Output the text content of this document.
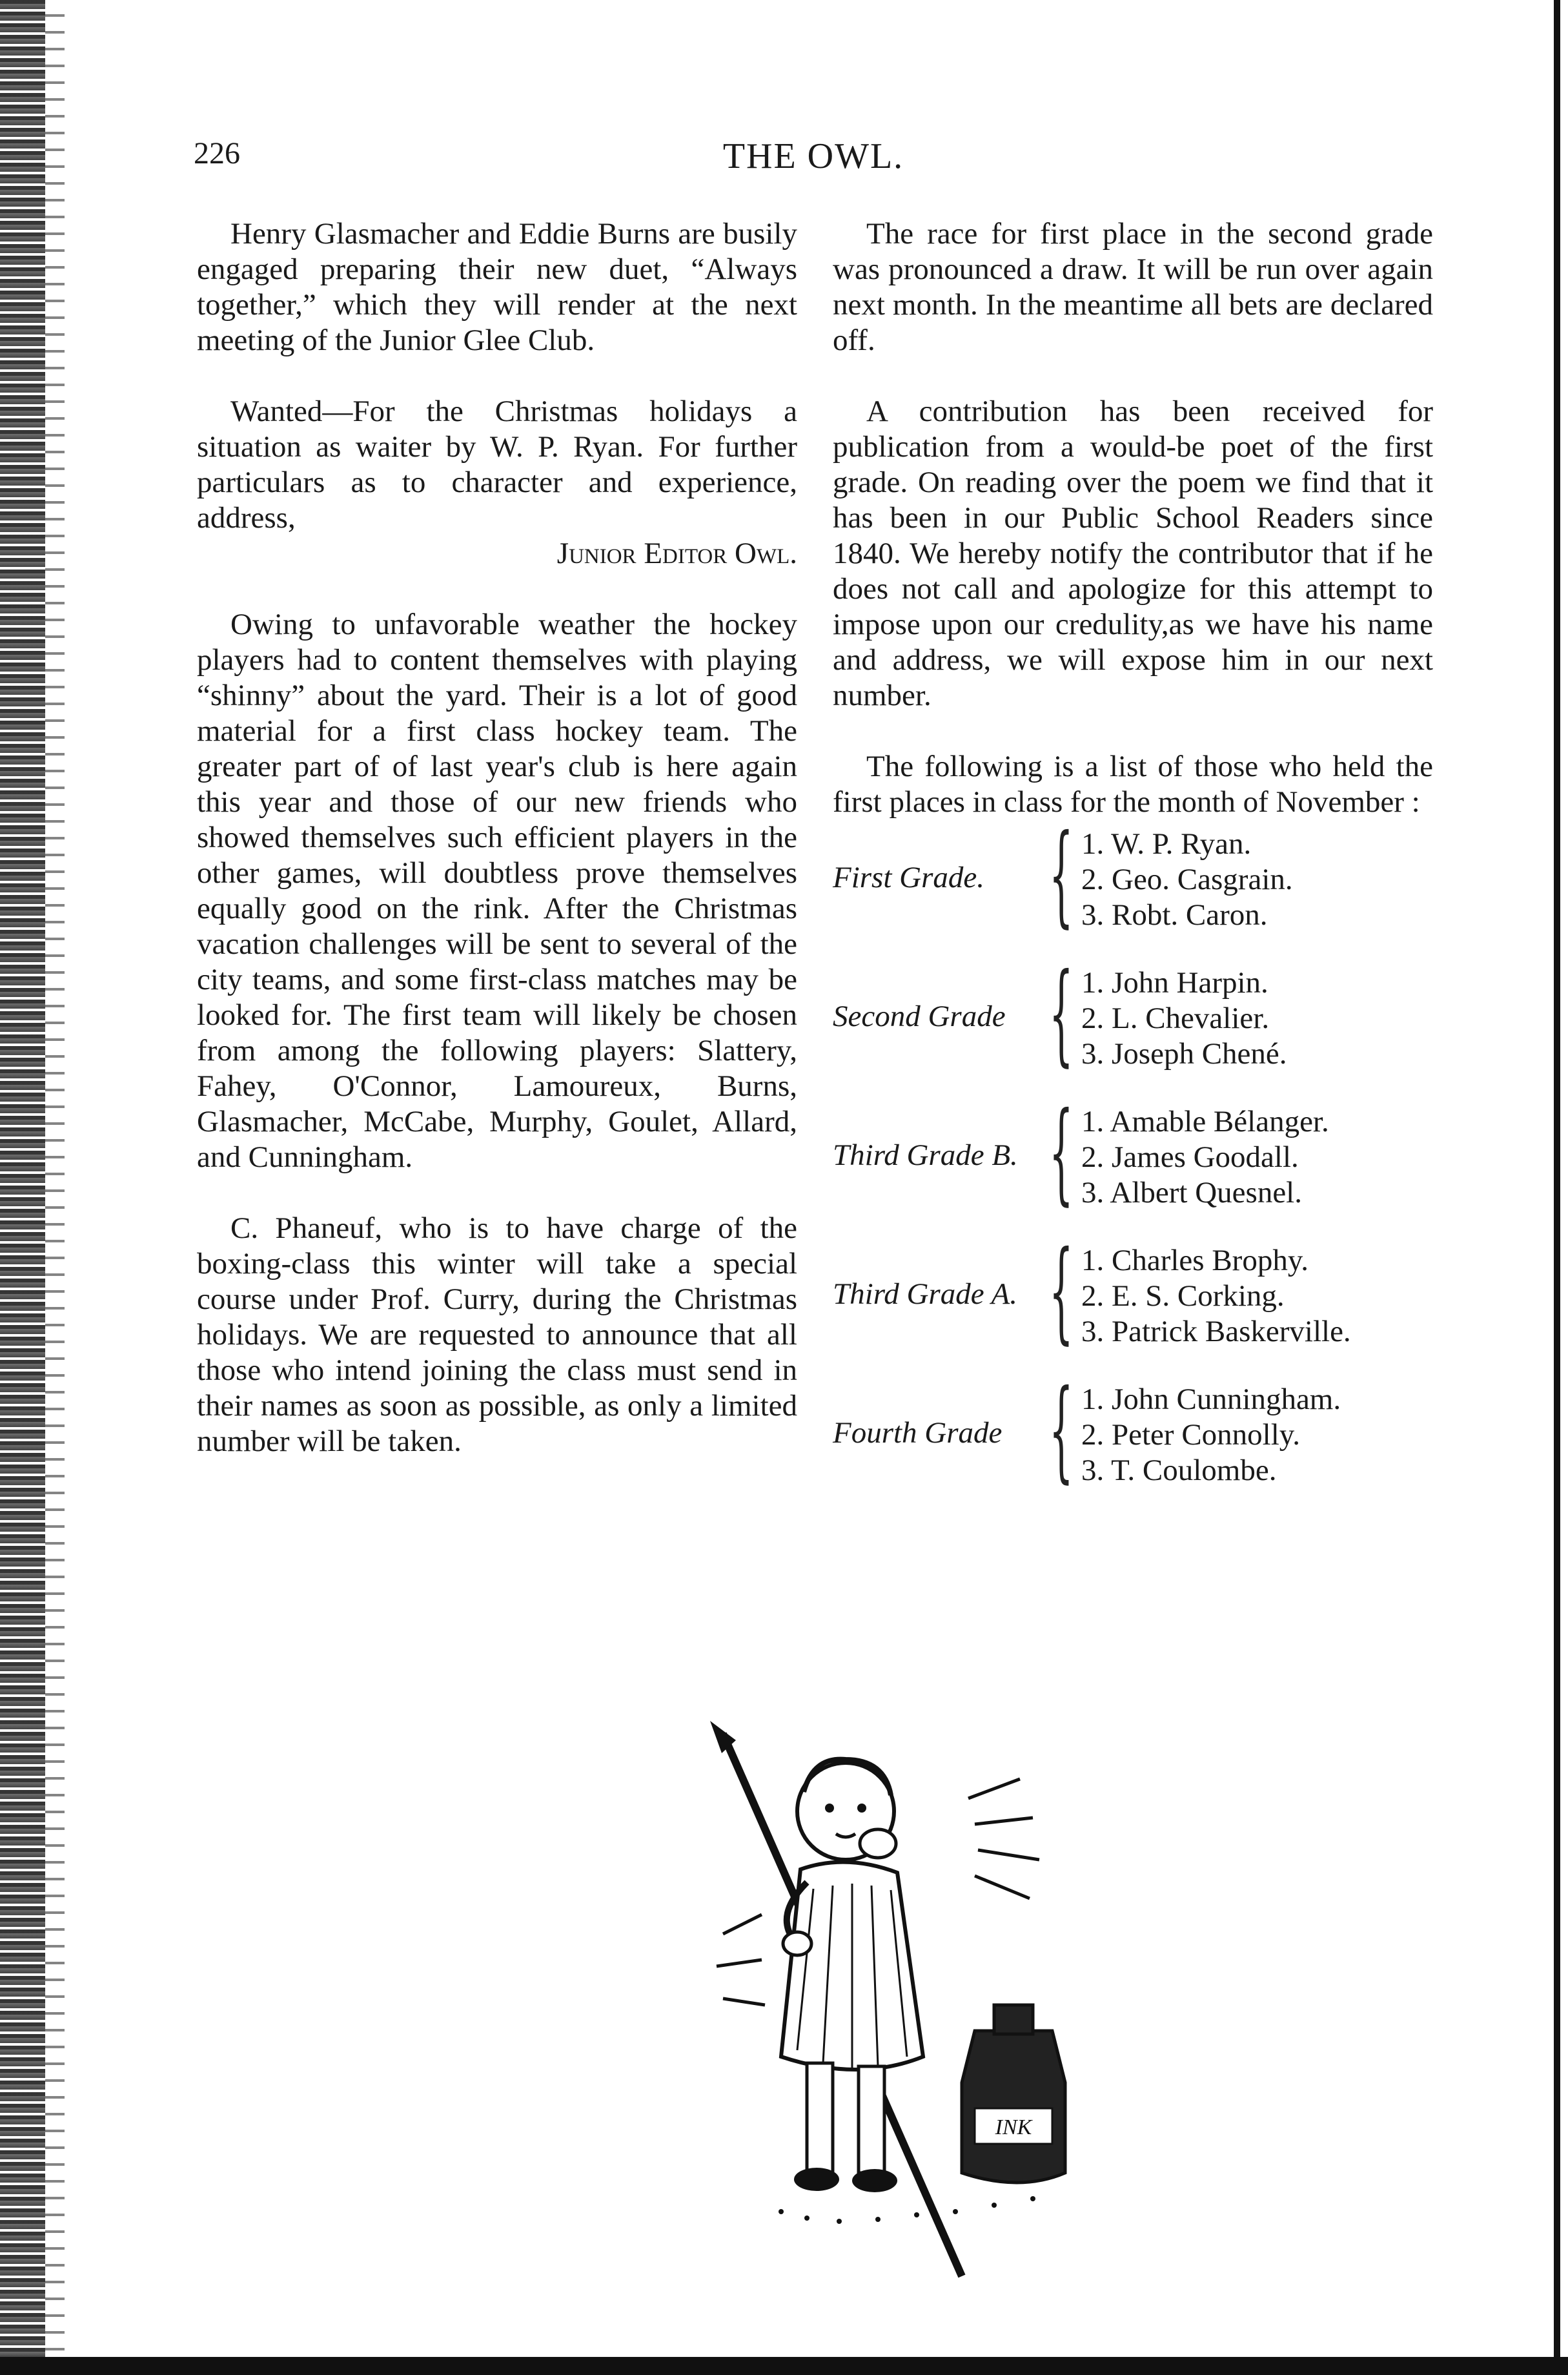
226	THE OWL.

Henry Glasmacher and Eddie Burns are busily engaged preparing their new duet, “Always together,” which they will render at the next meeting of the Junior Glee Club.

Wanted—For the Christmas holidays a situation as waiter by W. P. Ryan. For further particulars as to character and experience, address,

Junior Editor Owl.

Owing to unfavorable weather the hockey players had to content themselves with playing “shinny” about the yard. Their is a lot of good material for a first class hockey team. The greater part of of last year's club is here again this year and those of our new friends who showed themselves such efficient players in the other games, will doubtless prove themselves equally good on the rink. After the Christmas vacation challenges will be sent to several of the city teams, and some first-class matches may be looked for. The first team will likely be chosen from among the following players: Slattery, Fahey, O'Connor, Lamoureux, Burns, Glasmacher, McCabe, Murphy, Goulet, Allard, and Cunningham.

C. Phaneuf, who is to have charge of the boxing-class this winter will take a special course under Prof. Curry, during the Christmas holidays. We are requested to announce that all those who intend joining the class must send in their names as soon as possible, as only a limited number will be taken.

The race for first place in the second grade was pronounced a draw. It will be run over again next month. In the meantime all bets are declared off.

A contribution has been received for publication from a would-be poet of the first grade. On reading over the poem we find that it has been in our Public School Readers since 1840. We hereby notify the contributor that if he does not call and apologize for this attempt to impose upon our credulity,as we have his name and address, we will expose him in our next number.

The following is a list of those who held the first places in class for the month of November :

First Grade. { 1. W. P. Ryan.
2. Geo. Casgrain.
3. Robt. Caron.
Second Grade { 1. John Harpin.
2. L. Chevalier.
3. Joseph Chené.
Third Grade B. { 1. Amable Bélanger.
2. James Goodall.
3. Albert Quesnel.
Third Grade A. { 1. Charles Brophy.
2. E. S. Corking.
3. Patrick Baskerville.
Fourth Grade { 1. John Cunningham.
2. Peter Connolly.
3. T. Coulombe.
INK
